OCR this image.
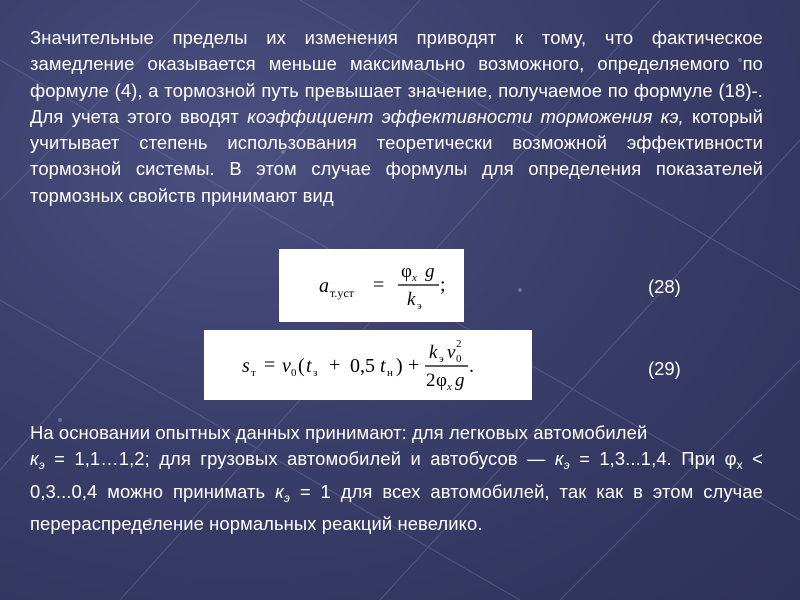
Значительные пределы их изменения приводят к тому, что фактическое замедление оказывается меньше максимально возможного, определяемого по формуле (4), а тормозной путь превышает значение, получаемое по формуле (18)-. Для учета этого вводят коэффициент эффективности торможения кэ, который учитывает степень использования теоретически возможной эффективности тормозной системы. В этом случае формулы для определения показателей тормозных свойств принимают вид
a т.уст =
φ x g
k э
;	(28)
s т = v 0 ( t з + 0,5 t н ) +
k э v 0
2
2 φ x g
.	(29)
На основании опытных данных принимают: для легковых автомобилей
$к_э$ = 1,1…1,2; для грузовых автомобилей и автобусов — $к_э = 1,3...1,4$. При $\varphi_x < 0,3...0,4$ можно принимать $к_э = 1$ для всех автомобилей, так как в этом случае перераспределение нормальных реакций невелико.
